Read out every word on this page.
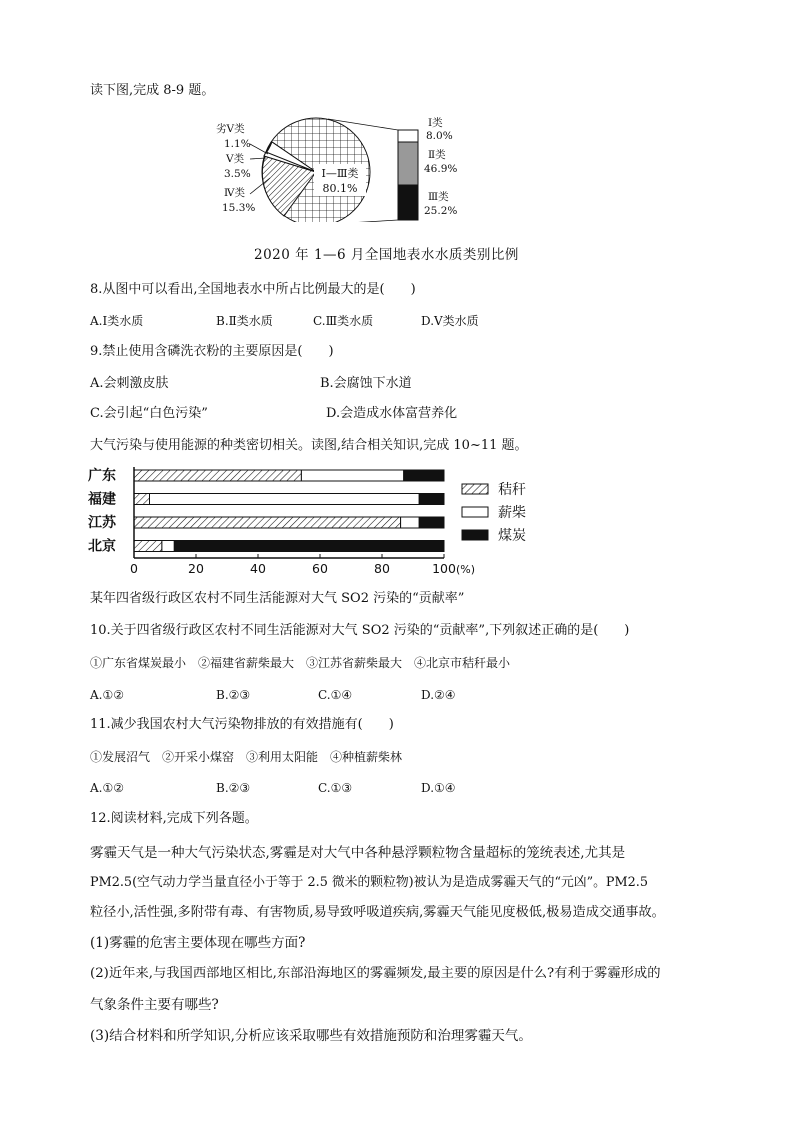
读下图,完成 8-9 题。
Ⅰ—Ⅲ类
80.1%
劣Ⅴ类
1.1%
Ⅴ类
3.5%
Ⅳ类
15.3%
Ⅰ类
8.0%
Ⅱ类
46.9%
Ⅲ类
25.2%
2020 年 1—6 月全国地表水水质类别比例
8.从图中可以看出,全国地表水中所占比例最大的是(　　)
A.Ⅰ类水质	B.Ⅱ类水质	C.Ⅲ类水质	D.Ⅴ类水质
9.禁止使用含磷洗衣粉的主要原因是(　　)
A.会刺激皮肤	B.会腐蚀下水道
C.会引起“白色污染”	D.会造成水体富营养化
大气污染与使用能源的种类密切相关。读图,结合相关知识,完成 10~11 题。
广东
福建
江苏
北京
0	20	40	60	80	100 (%)
秸秆
薪柴
煤炭
某年四省级行政区农村不同生活能源对大气 SO2 污染的“贡献率”
10.关于四省级行政区农村不同生活能源对大气 SO2 污染的“贡献率”,下列叙述正确的是(　　)
①广东省煤炭最小　②福建省薪柴最大　③江苏省薪柴最大　④北京市秸秆最小
A.①②	B.②③	C.①④	D.②④
11.减少我国农村大气污染物排放的有效措施有(　　)
①发展沼气　②开采小煤窑　③利用太阳能　④种植薪柴林
A.①②	B.②③	C.①③	D.①④
12.阅读材料,完成下列各题。
雾霾天气是一种大气污染状态,雾霾是对大气中各种悬浮颗粒物含量超标的笼统表述,尤其是
PM2.5(空气动力学当量直径小于等于 2.5 微米的颗粒物)被认为是造成雾霾天气的“元凶”。PM2.5
粒径小,活性强,多附带有毒、有害物质,易导致呼吸道疾病,雾霾天气能见度极低,极易造成交通事故。
(1)雾霾的危害主要体现在哪些方面?
(2)近年来,与我国西部地区相比,东部沿海地区的雾霾频发,最主要的原因是什么?有利于雾霾形成的
气象条件主要有哪些?
(3)结合材料和所学知识,分析应该采取哪些有效措施预防和治理雾霾天气。
